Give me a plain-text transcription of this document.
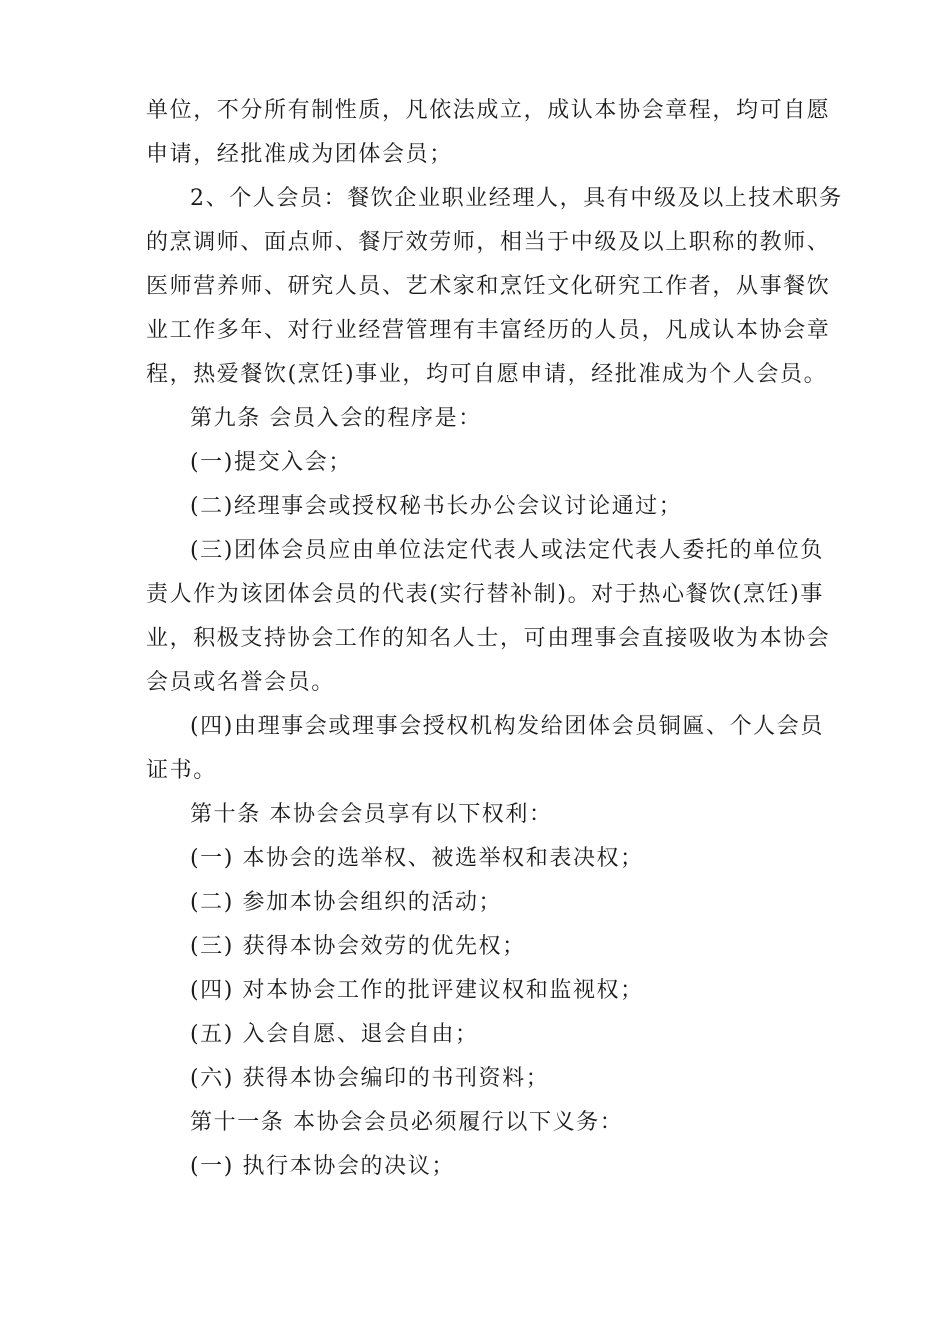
单位，不分所有制性质，凡依法成立，成认本协会章程，均可自愿
申请，经批准成为团体会员；
2、个人会员：餐饮企业职业经理人，具有中级及以上技术职务
的烹调师、面点师、餐厅效劳师，相当于中级及以上职称的教师、
医师营养师、研究人员、艺术家和烹饪文化研究工作者，从事餐饮
业工作多年、对行业经营管理有丰富经历的人员，凡成认本协会章
程，热爱餐饮(烹饪)事业，均可自愿申请，经批准成为个人会员。
第九条 会员入会的程序是：
(一)提交入会；
(二)经理事会或授权秘书长办公会议讨论通过；
(三)团体会员应由单位法定代表人或法定代表人委托的单位负
责人作为该团体会员的代表(实行替补制)。对于热心餐饮(烹饪)事
业，积极支持协会工作的知名人士，可由理事会直接吸收为本协会
会员或名誉会员。
(四)由理事会或理事会授权机构发给团体会员铜匾、个人会员
证书。
第十条 本协会会员享有以下权利：
(一) 本协会的选举权、被选举权和表决权；
(二) 参加本协会组织的活动；
(三) 获得本协会效劳的优先权；
(四) 对本协会工作的批评建议权和监视权；
(五) 入会自愿、退会自由；
(六) 获得本协会编印的书刊资料；
第十一条 本协会会员必须履行以下义务：
(一) 执行本协会的决议；
